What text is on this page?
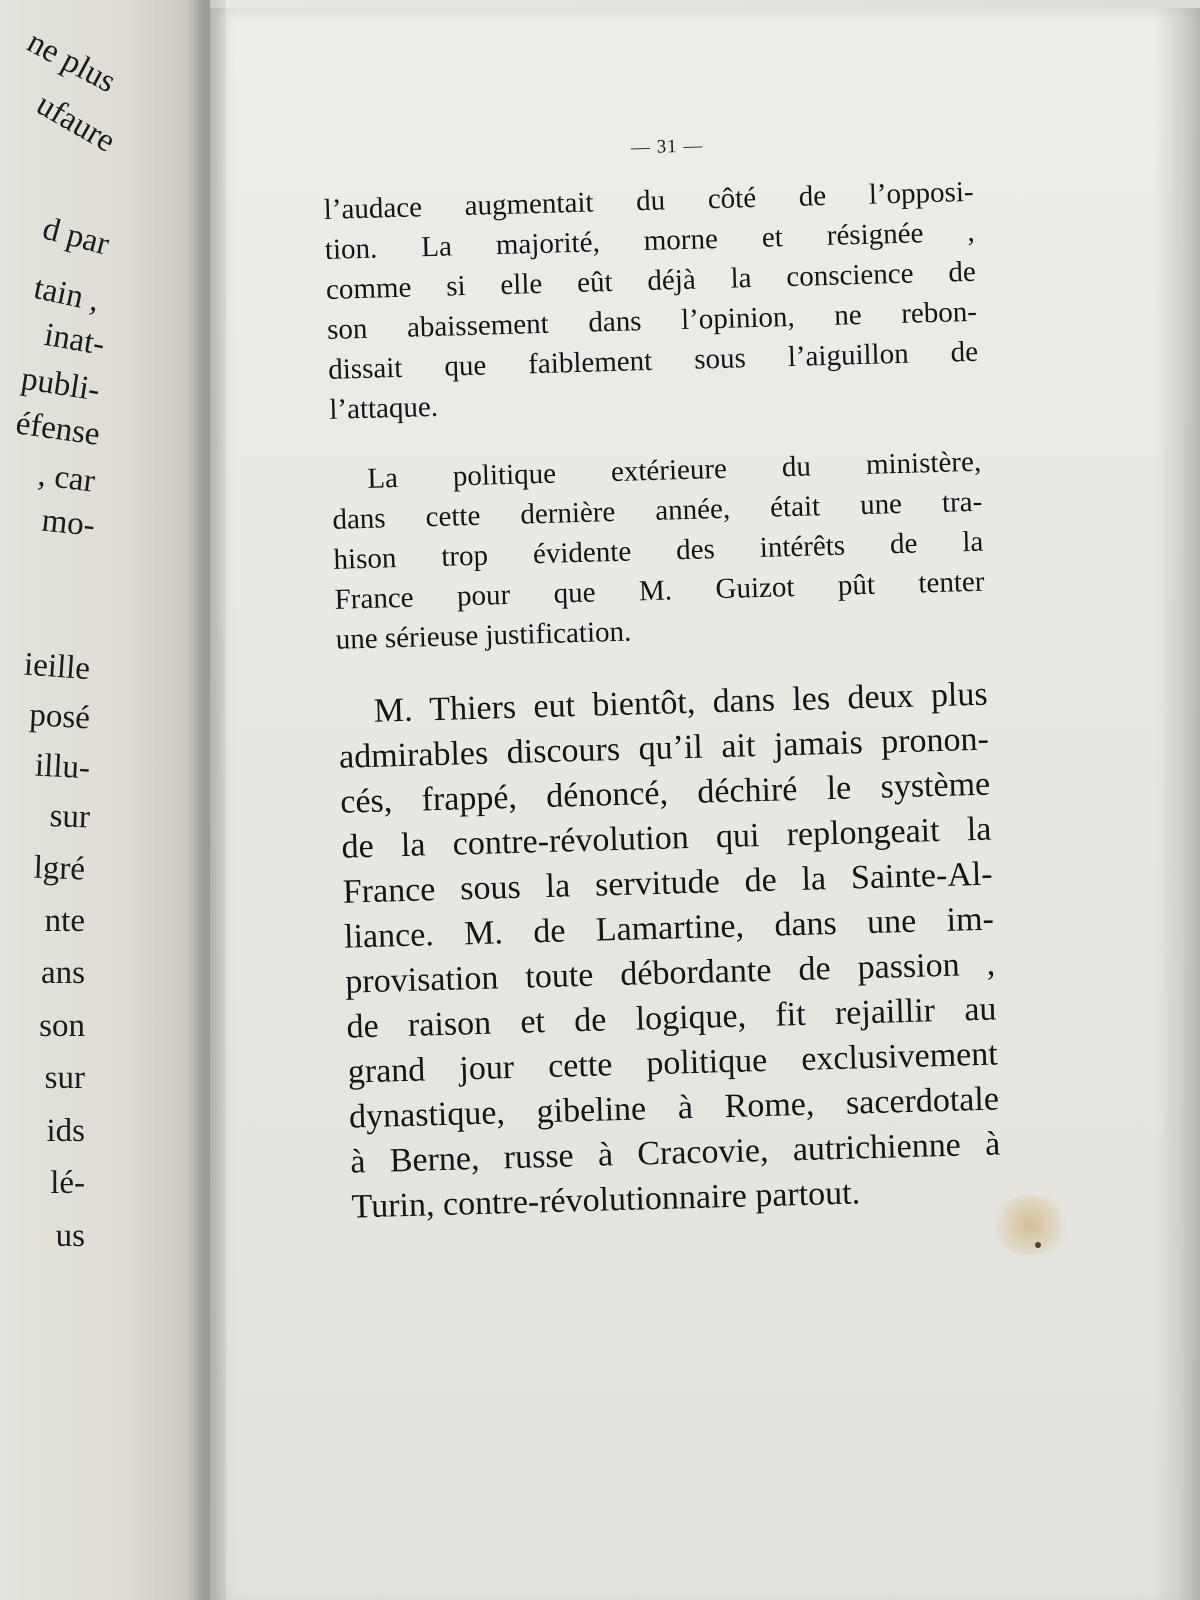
ne plus
ufaure
d par
tain ,
inat-
publi-
éfense
, car
mo-
ieille
posé
illu-
sur
lgré
nte
ans
son
sur
ids
lé-
us
— 31 —

l’audace augmentait du côté de l’opposi-
tion. La majorité, morne et résignée ,
comme si elle eût déjà la conscience de
son abaissement dans l’opinion, ne rebon-
dissait que faiblement sous l’aiguillon de
l’attaque.

La politique extérieure du ministère,
dans cette dernière année, était une tra-
hison trop évidente des intérêts de la
France pour que M. Guizot pût tenter
une sérieuse justification.

M. Thiers eut bientôt, dans les deux plus
admirables discours qu’il ait jamais pronon-
cés, frappé, dénoncé, déchiré le système
de la contre-révolution qui replongeait la
France sous la servitude de la Sainte-Al-
liance. M. de Lamartine, dans une im-
provisation toute débordante de passion ,
de raison et de logique, fit rejaillir au
grand jour cette politique exclusivement
dynastique, gibeline à Rome, sacerdotale
à Berne, russe à Cracovie, autrichienne à
Turin, contre-révolutionnaire partout.
